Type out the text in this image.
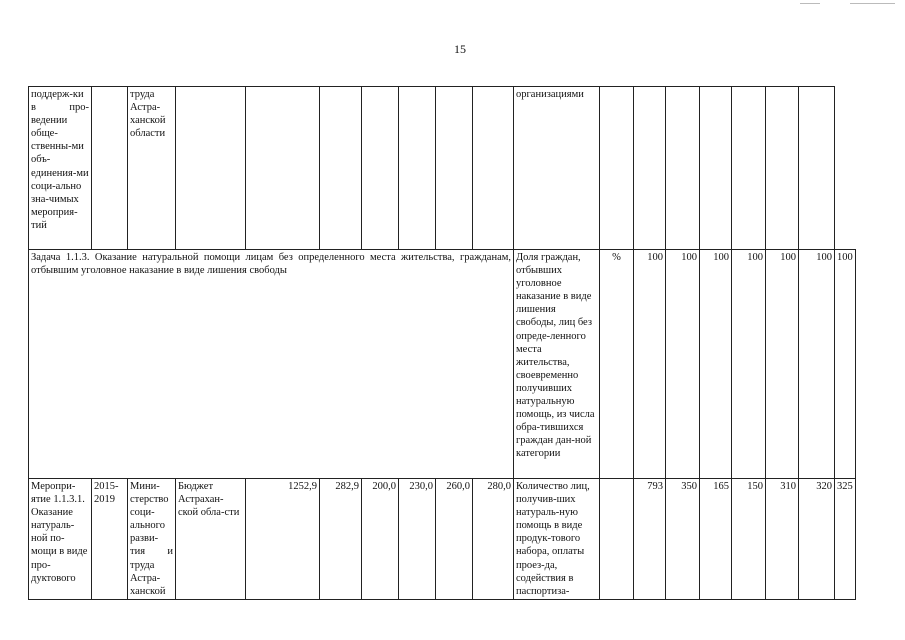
15
поддерж-ки в про-ведении обще-ственны-ми объ-единения-ми соци-ально зна-чимых мероприя-тий		труда Астра-ханской области								организациями								
Задача 1.1.3. Оказание натуральной помощи лицам без определенного места жительства, гражданам, отбывшим уголовное наказание в виде лишения свободы										Доля граждан, отбывших уголовное наказание в виде лишения свободы, лиц без опреде-ленного места жительства, своевременно получивших натуральную помощь, из числа обра-тившихся граждан дан-ной категории	%	100	100	100	100	100	100	100
Меропри-ятие 1.1.3.1. Оказание натураль-ной по-мощи в виде про-дуктового	2015-2019	Мини-стерство соци-ального разви-тия и труда Астра-ханской	Бюджет Астрахан-ской обла-сти	1252,9	282,9	200,0	230,0	260,0	280,0	Количество лиц, получив-ших натураль-ную помощь в виде продук-тового набора, оплаты проез-да, содействия в паспортиза-		793	350	165	150	310	320	325
